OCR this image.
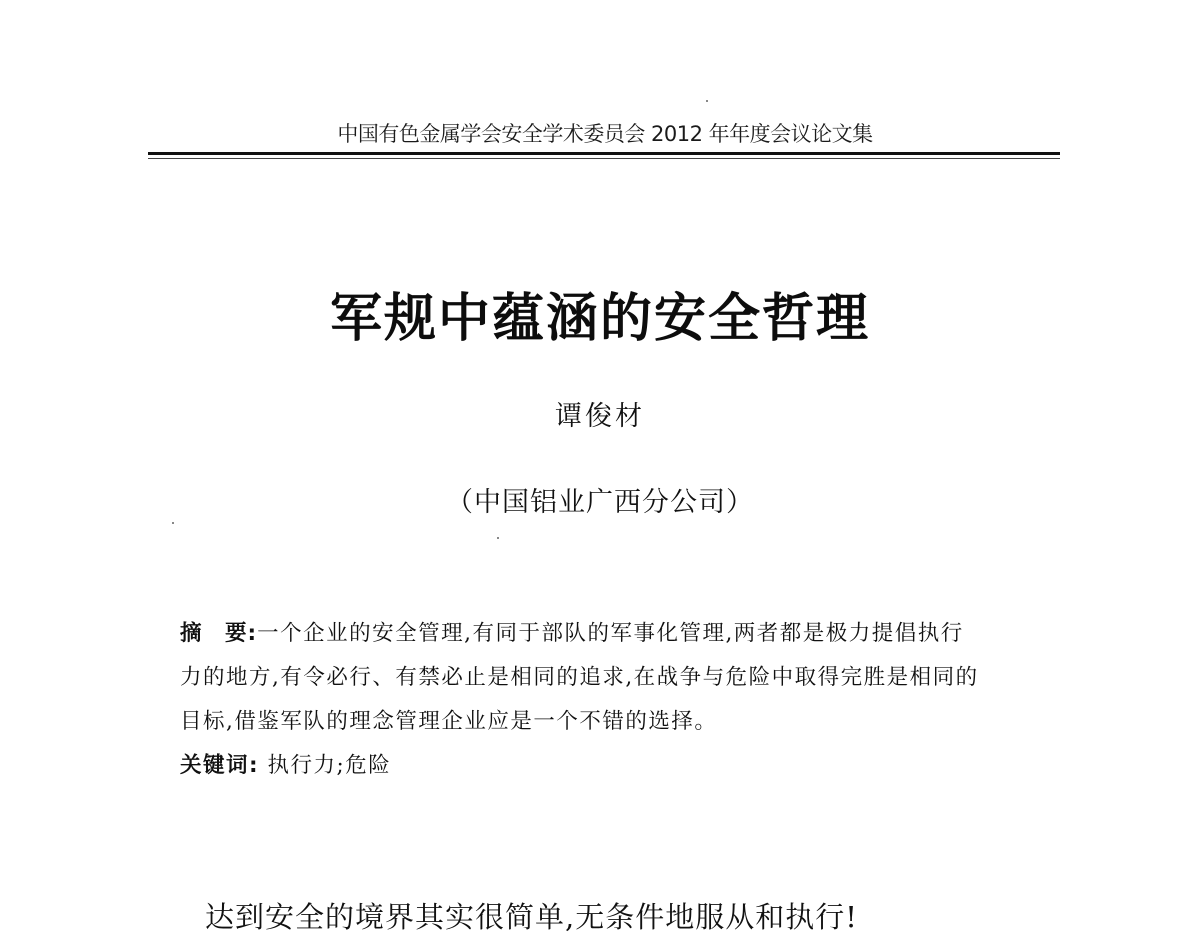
中国有色金属学会安全学术委员会 2012 年年度会议论文集
军规中蕴涵的安全哲理
谭俊材
（中国铝业广西分公司）
摘　要:一个企业的安全管理,有同于部队的军事化管理,两者都是极力提倡执行
力的地方,有令必行、有禁必止是相同的追求,在战争与危险中取得完胜是相同的
目标,借鉴军队的理念管理企业应是一个不错的选择。
关键词: 执行力;危险
达到安全的境界其实很简单,无条件地服从和执行!
